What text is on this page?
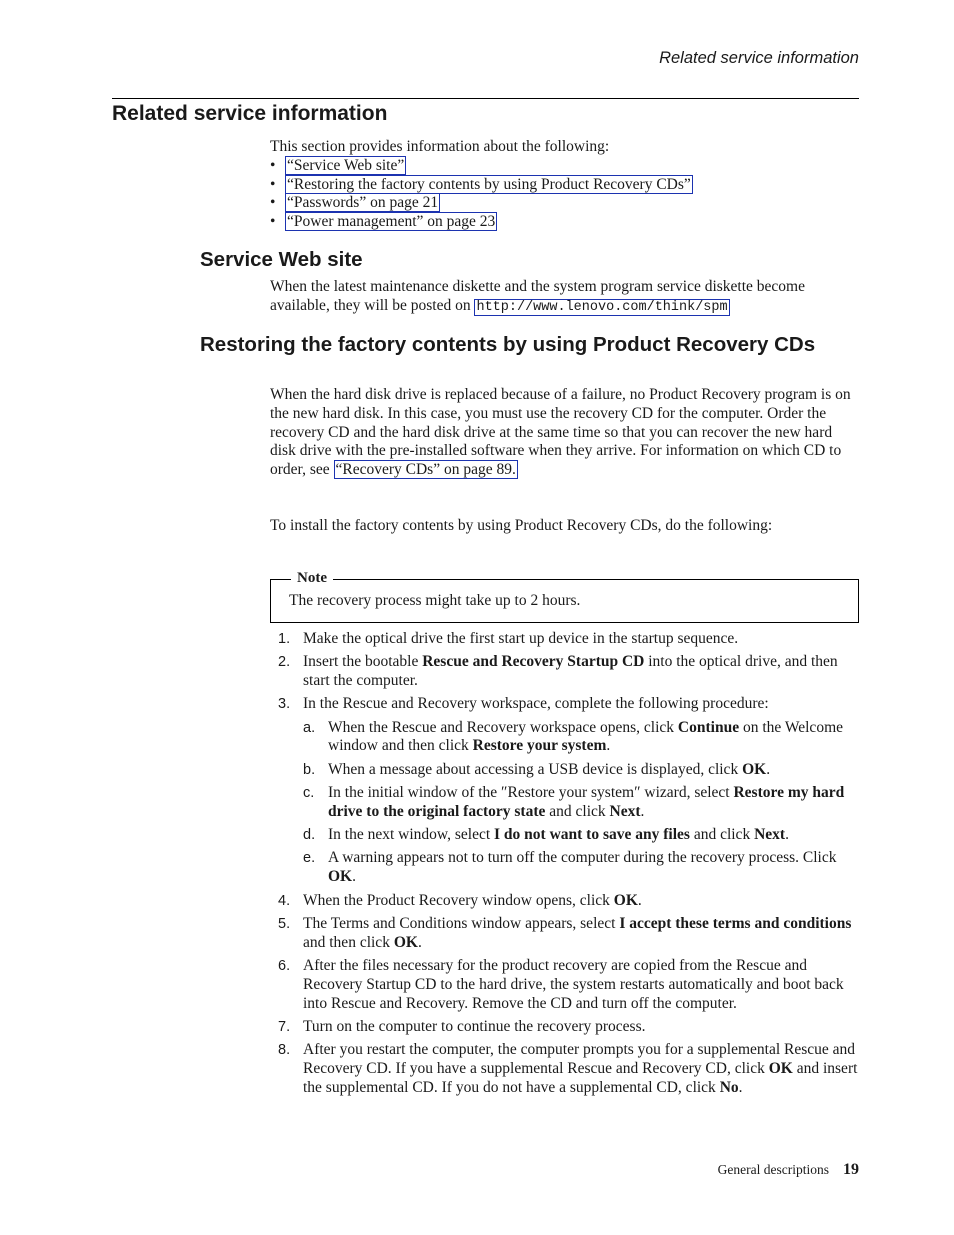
Related service information
Related service information
This section provides information about the following:
• “Service Web site”
• “Restoring the factory contents by using Product Recovery CDs”
• “Passwords” on page 21
• “Power management” on page 23
Service Web site
When the latest maintenance diskette and the system program service diskette become available, they will be posted on http://www.lenovo.com/think/spm
Restoring the factory contents by using Product Recovery CDs
When the hard disk drive is replaced because of a failure, no Product Recovery program is on the new hard disk. In this case, you must use the recovery CD for the computer. Order the recovery CD and the hard disk drive at the same time so that you can recover the new hard disk drive with the pre-installed software when they arrive. For information on which CD to order, see “Recovery CDs” on page 89.
To install the factory contents by using Product Recovery CDs, do the following:
Note
The recovery process might take up to 2 hours.
1. Make the optical drive the first start up device in the startup sequence.
2. Insert the bootable Rescue and Recovery Startup CD into the optical drive, and then start the computer.
3. In the Rescue and Recovery workspace, complete the following procedure:
a. When the Rescue and Recovery workspace opens, click Continue on the Welcome window and then click Restore your system.
b. When a message about accessing a USB device is displayed, click OK.
c. In the initial window of the ″Restore your system″ wizard, select Restore my hard drive to the original factory state and click Next.
d. In the next window, select I do not want to save any files and click Next.
e. A warning appears not to turn off the computer during the recovery process. Click OK.
4. When the Product Recovery window opens, click OK.
5. The Terms and Conditions window appears, select I accept these terms and conditions and then click OK.
6. After the files necessary for the product recovery are copied from the Rescue and Recovery Startup CD to the hard drive, the system restarts automatically and boot back into Rescue and Recovery. Remove the CD and turn off the computer.
7. Turn on the computer to continue the recovery process.
8. After you restart the computer, the computer prompts you for a supplemental Rescue and Recovery CD. If you have a supplemental Rescue and Recovery CD, click OK and insert the supplemental CD. If you do not have a supplemental CD, click No.
General descriptions 19
